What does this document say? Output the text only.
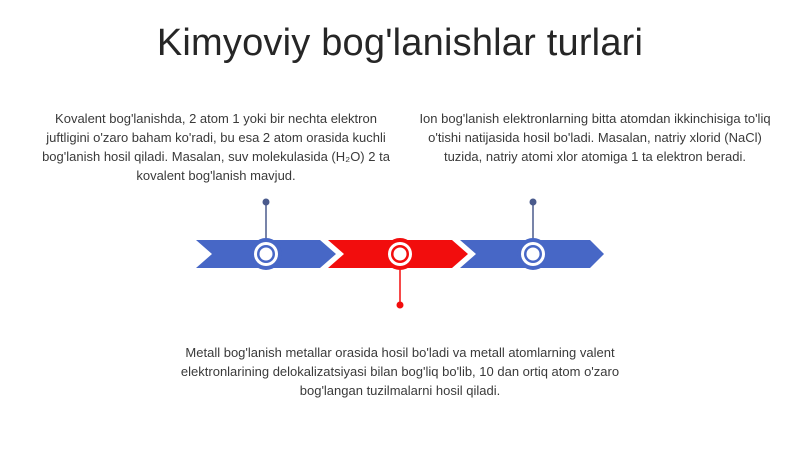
Kimyoviy bog'lanishlar turlari
Kovalent bog'lanishda, 2 atom 1 yoki bir nechta elektron juftligini o'zaro baham ko'radi, bu esa 2 atom orasida kuchli bog'lanish hosil qiladi. Masalan, suv molekulasida (H₂O) 2 ta kovalent bog'lanish mavjud.
Ion bog'lanish elektronlarning bitta atomdan ikkinchisiga to'liq o'tishi natijasida hosil bo'ladi. Masalan, natriy xlorid (NaCl) tuzida, natriy atomi xlor atomiga 1 ta elektron beradi.
Metall bog'lanish metallar orasida hosil bo'ladi va metall atomlarning valent elektronlarining delokalizatsiyasi bilan bog'liq bo'lib, 10 dan ortiq atom o'zaro bog'langan tuzilmalarni hosil qiladi.
